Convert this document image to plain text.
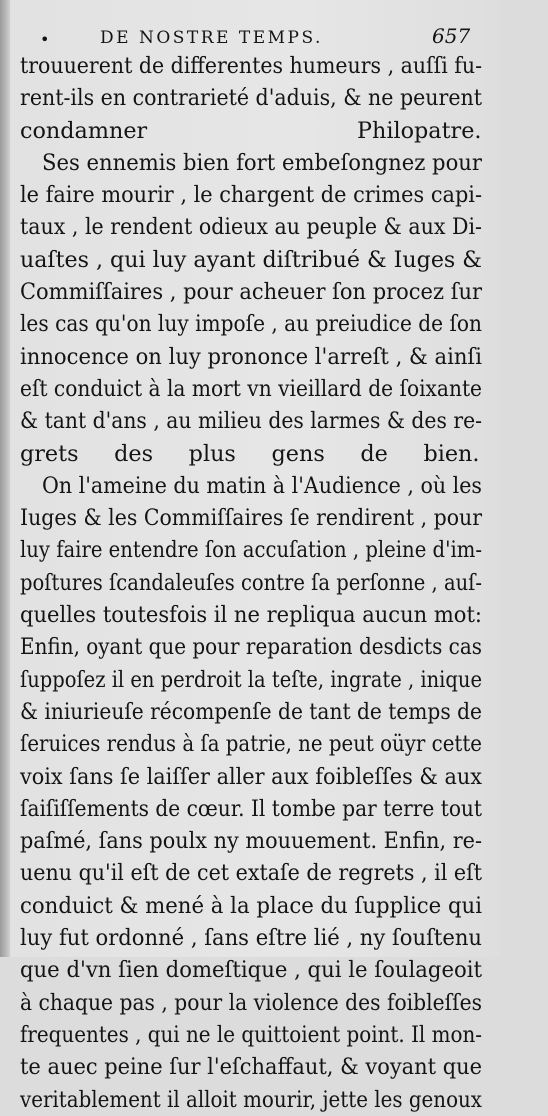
•	DE NOSTRE TEMPS.	657
trouuerent de differentes humeurs , auſſi fu-
rent-ils en contrarieté d'aduis, & ne peurent
condamner Philopatre.
Ses ennemis bien fort embeſongnez pour
le faire mourir , le chargent de crimes capi-
taux , le rendent odieux au peuple & aux Di-
uaſtes , qui luy ayant diſtribué & Iuges &
Commiſſaires , pour acheuer ſon procez ſur
les cas qu'on luy impoſe , au preiudice de ſon
innocence on luy prononce l'arreſt , & ainſi
eſt conduict à la mort vn vieillard de ſoixante
& tant d'ans , au milieu des larmes & des re-
grets des plus gens de bien.
On l'ameine du matin à l'Audience , où les
Iuges & les Commiſſaires ſe rendirent , pour
luy faire entendre ſon accuſation , pleine d'im-
poſtures ſcandaleuſes contre ſa perſonne , auſ-
quelles toutesfois il ne repliqua aucun mot:
Enfin, oyant que pour reparation desdicts cas
ſuppoſez il en perdroit la teſte, ingrate , inique
& iniurieuſe récompenſe de tant de temps de
ſeruices rendus à ſa patrie, ne peut oüyr cette
voix ſans ſe laiſſer aller aux foibleſſes & aux
ſaiſiſſements de cœur. Il tombe par terre tout
paſmé, ſans poulx ny mouuement. Enfin, re-
uenu qu'il eſt de cet extaſe de regrets , il eſt
conduict & mené à la place du ſupplice qui
luy fut ordonné , ſans eſtre lié , ny ſouſtenu
que d'vn ſien domeſtique , qui le ſoulageoit
à chaque pas , pour la violence des foibleſſes
frequentes , qui ne le quittoient point. Il mon-
te auec peine ſur l'eſchaffaut, & voyant que
veritablement il alloit mourir, jette les genoux
